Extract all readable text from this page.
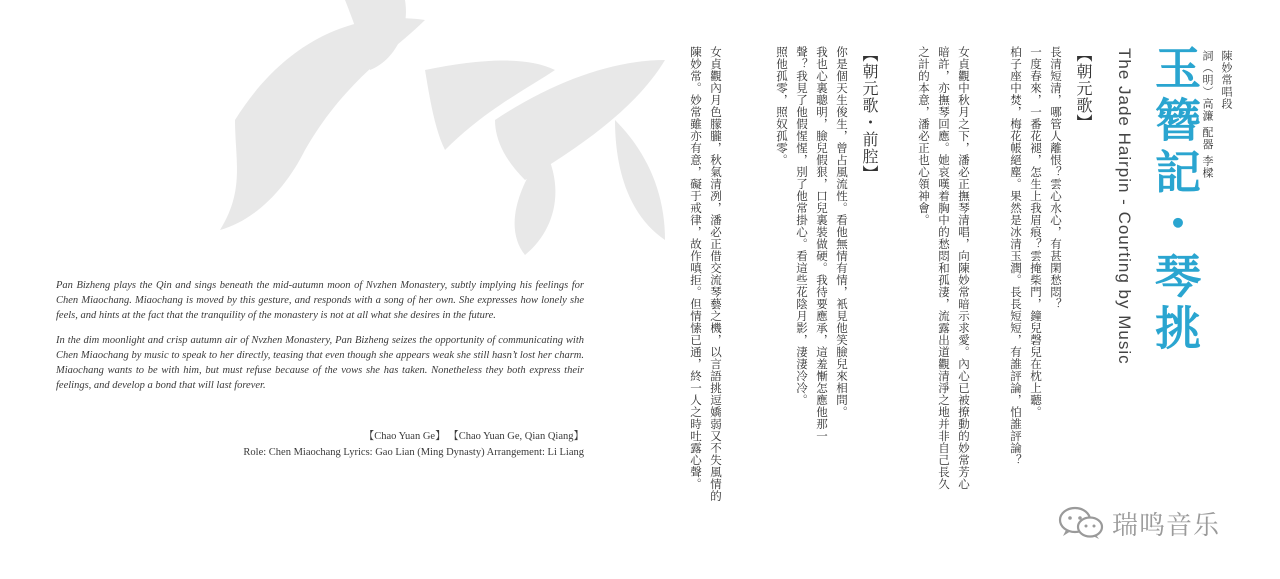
陳妙常唱段
詞（明）高濂 配器 李樑
玉簪記・琴挑
The Jade Hairpin - Courting by Music
【朝元歌】
長清短清，哪管人離恨？雲心水心，有甚閑愁悶？
一度春來，一番花褪，怎生上我眉痕？雲掩柴門，鐘兒磬兒在枕上聽。
柏子座中焚，梅花帳絕塵。果然是冰清玉潤。長長短短，有誰評論，怕誰評論？
女貞觀中秋月之下，潘必正撫琴清唱，向陳妙常暗示求愛。內心已被撩動的妙常芳心
暗許，亦撫琴回應。她哀嘆着胸中的愁悶和孤淒，流露出道觀清淨之地并非自己長久
之計的本意，潘必正也心領神會。
【朝元歌・前腔】
你是個天生俊生，曾占風流性。看他無情有情，衹見他笑臉兒來相問。
我也心裏聰明，臉兒假狠，口兒裏裝做硬。我待要應承，這羞慚怎應他那一
聲？我見了他假惺惺，別了他常掛心。看這些花陰月影，淒淒冷冷。
照他孤零，照奴孤零。
女貞觀內月色朦朧，秋氣清冽，潘必正借交流琴藝之機，以言語挑逗嬌弱又不失風情的
陳妙常。妙常雖亦有意，礙于戒律，故作嗔拒。但情愫已通，終一人之時吐露心聲。

Pan Bizheng plays the Qin and sings beneath the mid-autumn moon of Nvzhen Monastery, subtly implying his feelings for Chen Miaochang. Miaochang is moved by this gesture, and responds with a song of her own. She expresses how lonely she feels, and hints at the fact that the tranquility of the monastery is not at all what she desires in the future.

In the dim moonlight and crisp autumn air of Nvzhen Monastery, Pan Bizheng seizes the opportunity of communicating with Chen Miaochang by music to speak to her directly, teasing that even though she appears weak she still hasn’t lost her charm. Miaochang wants to be with him, but must refuse because of the vows she has taken. Nonetheless they both express their feelings, and develop a bond that will last forever.

【Chao Yuan Ge】 【Chao Yuan Ge, Qian Qiang】
Role: Chen Miaochang Lyrics: Gao Lian (Ming Dynasty) Arrangement: Li Liang
瑞鸣音乐
